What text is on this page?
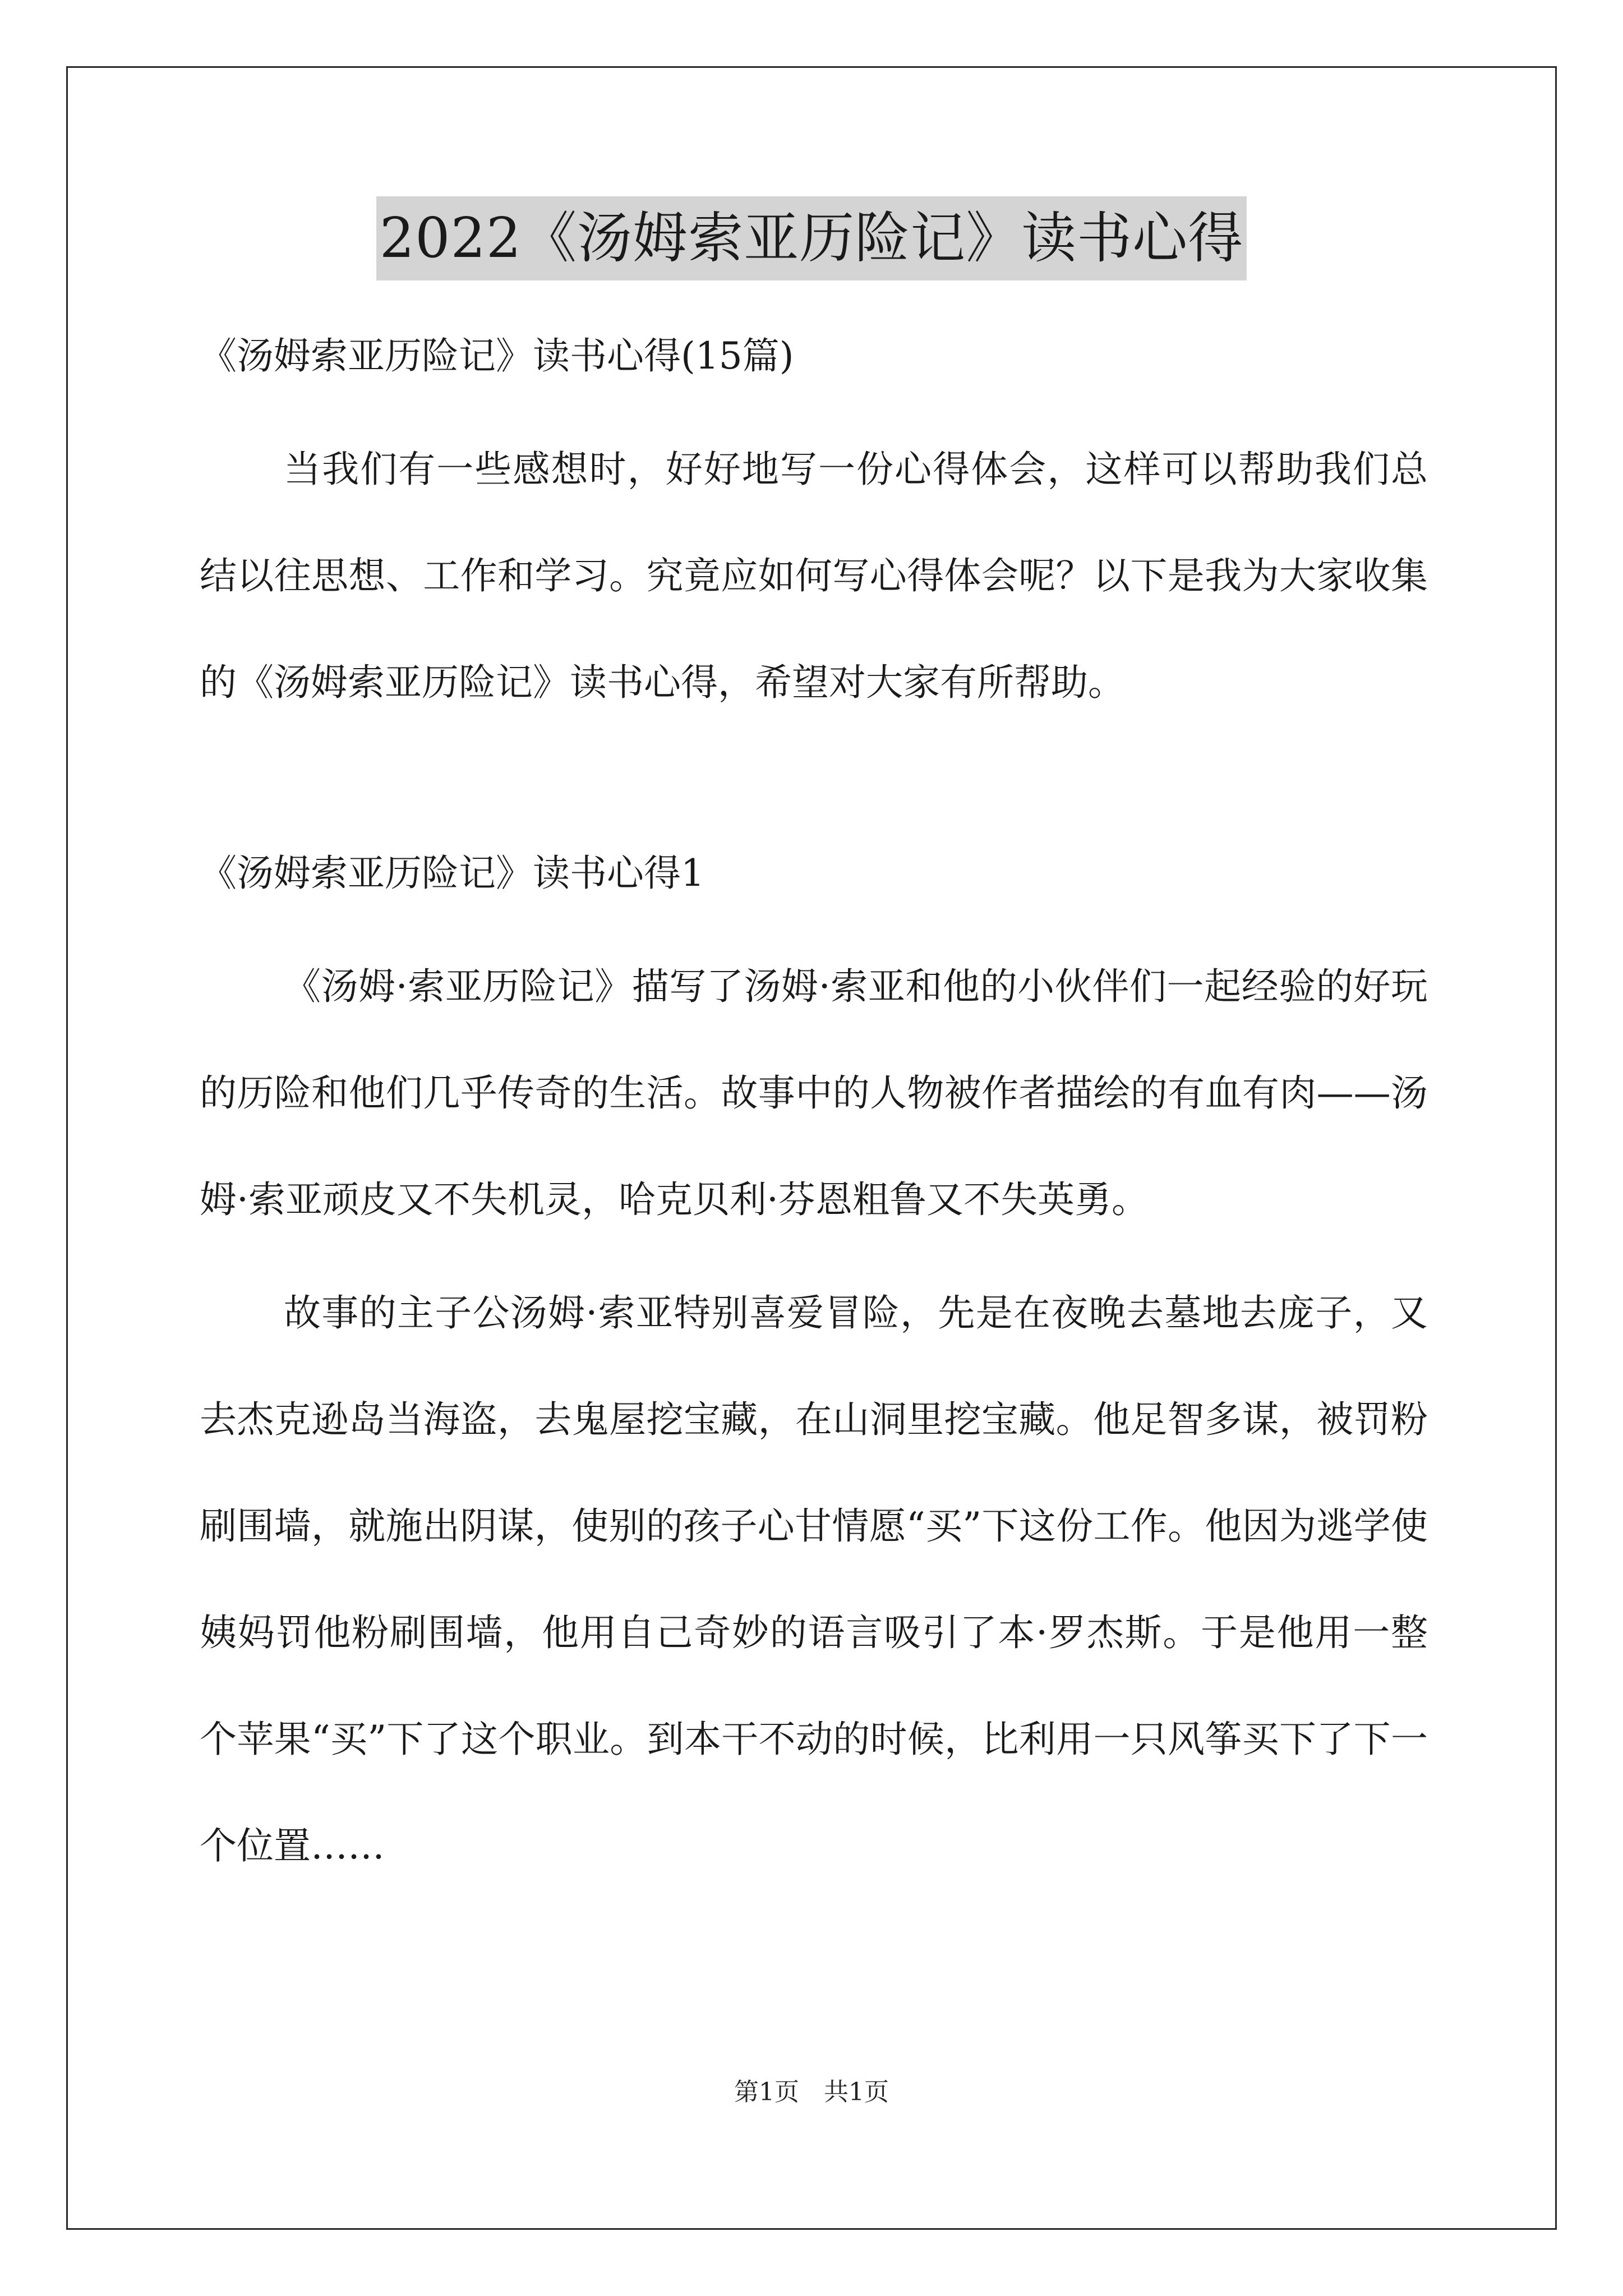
2022《汤姆索亚历险记》读书心得

《汤姆索亚历险记》读书心得(15篇)

当我们有一些感想时，好好地写一份心得体会，这样可以帮助我们总结以往思想、工作和学习。究竟应如何写心得体会呢？以下是我为大家收集的《汤姆索亚历险记》读书心得，希望对大家有所帮助。

《汤姆索亚历险记》读书心得1

《汤姆·索亚历险记》描写了汤姆·索亚和他的小伙伴们一起经验的好玩的历险和他们几乎传奇的生活。故事中的人物被作者描绘的有血有肉——汤姆·索亚顽皮又不失机灵，哈克贝利·芬恩粗鲁又不失英勇。

故事的主子公汤姆·索亚特别喜爱冒险，先是在夜晚去墓地去庞子，又去杰克逊岛当海盗，去鬼屋挖宝藏，在山洞里挖宝藏。他足智多谋，被罚粉刷围墙，就施出阴谋，使别的孩子心甘情愿“买”下这份工作。他因为逃学使姨妈罚他粉刷围墙，他用自己奇妙的语言吸引了本·罗杰斯。于是他用一整个苹果“买”下了这个职业。到本干不动的时候，比利用一只风筝买下了下一个位置……

第1页　共1页
